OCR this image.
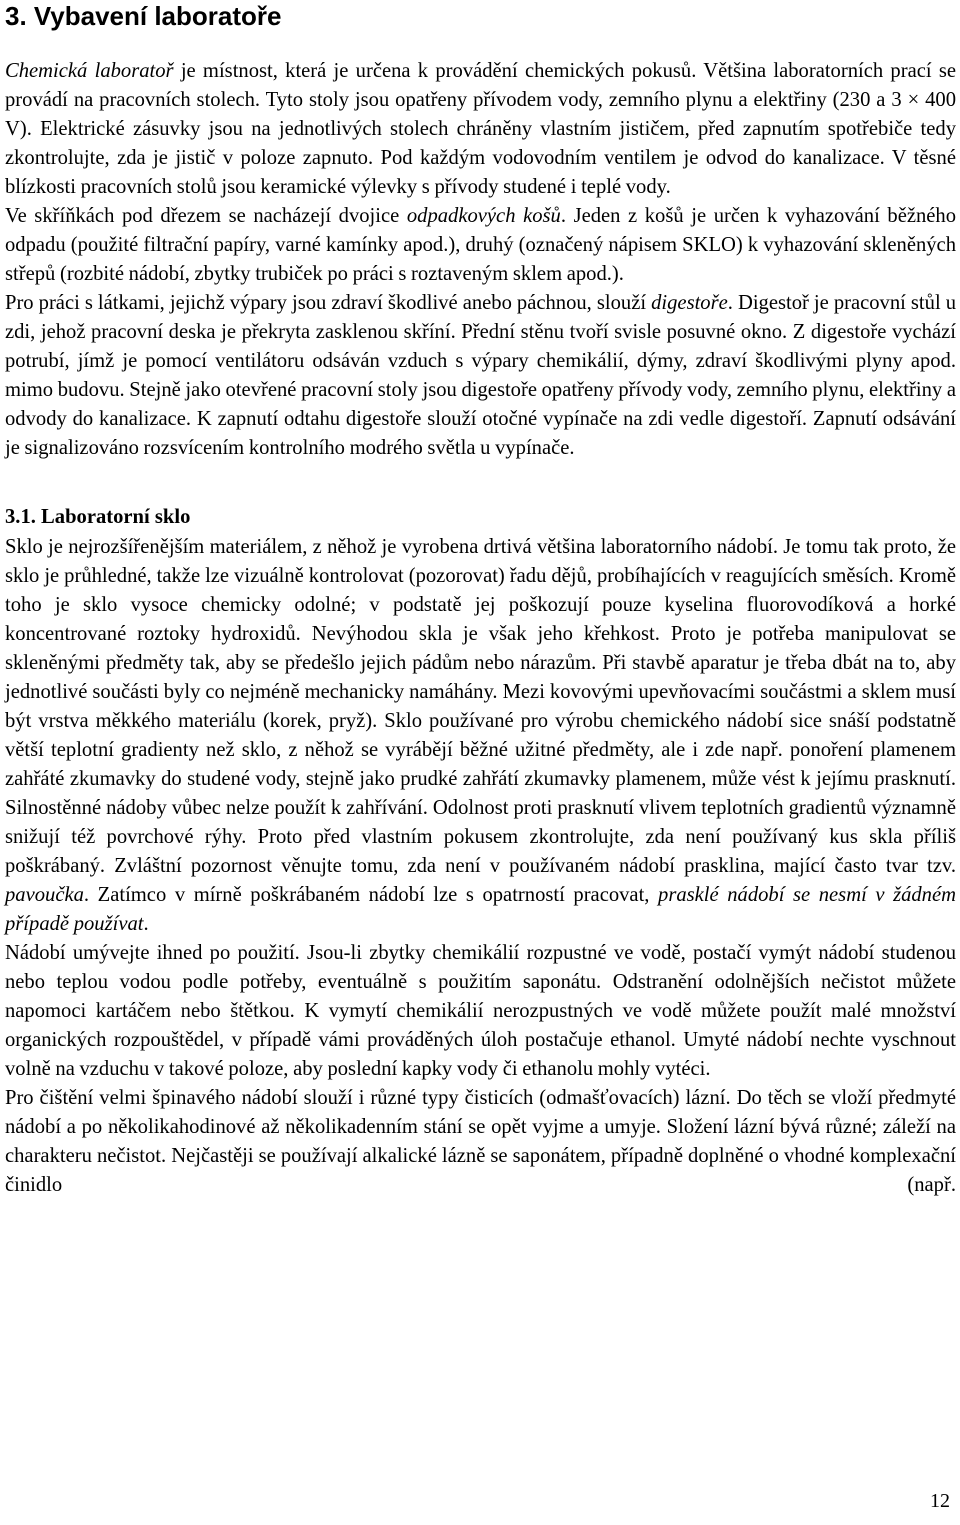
3. Vybavení laboratoře

Chemická laboratoř je místnost, která je určena k provádění chemických pokusů. Většina laboratorních prací se provádí na pracovních stolech. Tyto stoly jsou opatřeny přívodem vody, zemního plynu a elektřiny (230 a 3 × 400 V). Elektrické zásuvky jsou na jednotlivých stolech chráněny vlastním jističem, před zapnutím spotřebiče tedy zkontrolujte, zda je jistič v poloze zapnuto. Pod každým vodovodním ventilem je odvod do kanalizace. V těsné blízkosti pracovních stolů jsou keramické výlevky s přívody studené i teplé vody.

Ve skříňkách pod dřezem se nacházejí dvojice odpadkových košů. Jeden z košů je určen k vyhazování běžného odpadu (použité filtrační papíry, varné kamínky apod.), druhý (označený nápisem SKLO) k vyhazování skleněných střepů (rozbité nádobí, zbytky trubiček po práci s roztaveným sklem apod.).

Pro práci s látkami, jejichž výpary jsou zdraví škodlivé anebo páchnou, slouží digestoře. Digestoř je pracovní stůl u zdi, jehož pracovní deska je překryta zasklenou skříní. Přední stěnu tvoří svisle posuvné okno. Z digestoře vychází potrubí, jímž je pomocí ventilátoru odsáván vzduch s výpary chemikálií, dýmy, zdraví škodlivými plyny apod. mimo budovu. Stejně jako otevřené pracovní stoly jsou digestoře opatřeny přívody vody, zemního plynu, elektřiny a odvody do kanalizace. K zapnutí odtahu digestoře slouží otočné vypínače na zdi vedle digestoří. Zapnutí odsávání je signalizováno rozsvícením kontrolního modrého světla u vypínače.

3.1. Laboratorní sklo

Sklo je nejrozšířenějším materiálem, z něhož je vyrobena drtivá většina laboratorního nádobí. Je tomu tak proto, že sklo je průhledné, takže lze vizuálně kontrolovat (pozorovat) řadu dějů, probíhajících v reagujících směsích. Kromě toho je sklo vysoce chemicky odolné; v podstatě jej poškozují pouze kyselina fluorovodíková a horké koncentrované roztoky hydroxidů. Nevýhodou skla je však jeho křehkost. Proto je potřeba manipulovat se skleněnými předměty tak, aby se předešlo jejich pádům nebo nárazům. Při stavbě aparatur je třeba dbát na to, aby jednotlivé součásti byly co nejméně mechanicky namáhány. Mezi kovovými upevňovacími součástmi a sklem musí být vrstva měkkého materiálu (korek, pryž). Sklo používané pro výrobu chemického nádobí sice snáší podstatně větší teplotní gradienty než sklo, z něhož se vyrábějí běžné užitné předměty, ale i zde např. ponoření plamenem zahřáté zkumavky do studené vody, stejně jako prudké zahřátí zkumavky plamenem, může vést k jejímu prasknutí. Silnostěnné nádoby vůbec nelze použít k zahřívání. Odolnost proti prasknutí vlivem teplotních gradientů významně snižují též povrchové rýhy. Proto před vlastním pokusem zkontrolujte, zda není používaný kus skla příliš poškrábaný. Zvláštní pozornost věnujte tomu, zda není v používaném nádobí prasklina, mající často tvar tzv. pavoučka. Zatímco v mírně poškrábaném nádobí lze s opatrností pracovat, prasklé nádobí se nesmí v žádném případě používat.

Nádobí umývejte ihned po použití. Jsou-li zbytky chemikálií rozpustné ve vodě, postačí vymýt nádobí studenou nebo teplou vodou podle potřeby, eventuálně s použitím saponátu. Odstranění odolnějších nečistot můžete napomoci kartáčem nebo štětkou. K vymytí chemikálií nerozpustných ve vodě můžete použít malé množství organických rozpouštědel, v případě vámi prováděných úloh postačuje ethanol. Umyté nádobí nechte vyschnout volně na vzduchu v takové poloze, aby poslední kapky vody či ethanolu mohly vytéci.

Pro čištění velmi špinavého nádobí slouží i různé typy čisticích (odmašťovacích) lázní. Do těch se vloží předmyté nádobí a po několikahodinové až několikadenním stání se opět vyjme a umyje. Složení lázní bývá různé; záleží na charakteru nečistot. Nejčastěji se používají alkalické lázně se saponátem, případně doplněné o vhodné komplexační činidlo (např.

12
